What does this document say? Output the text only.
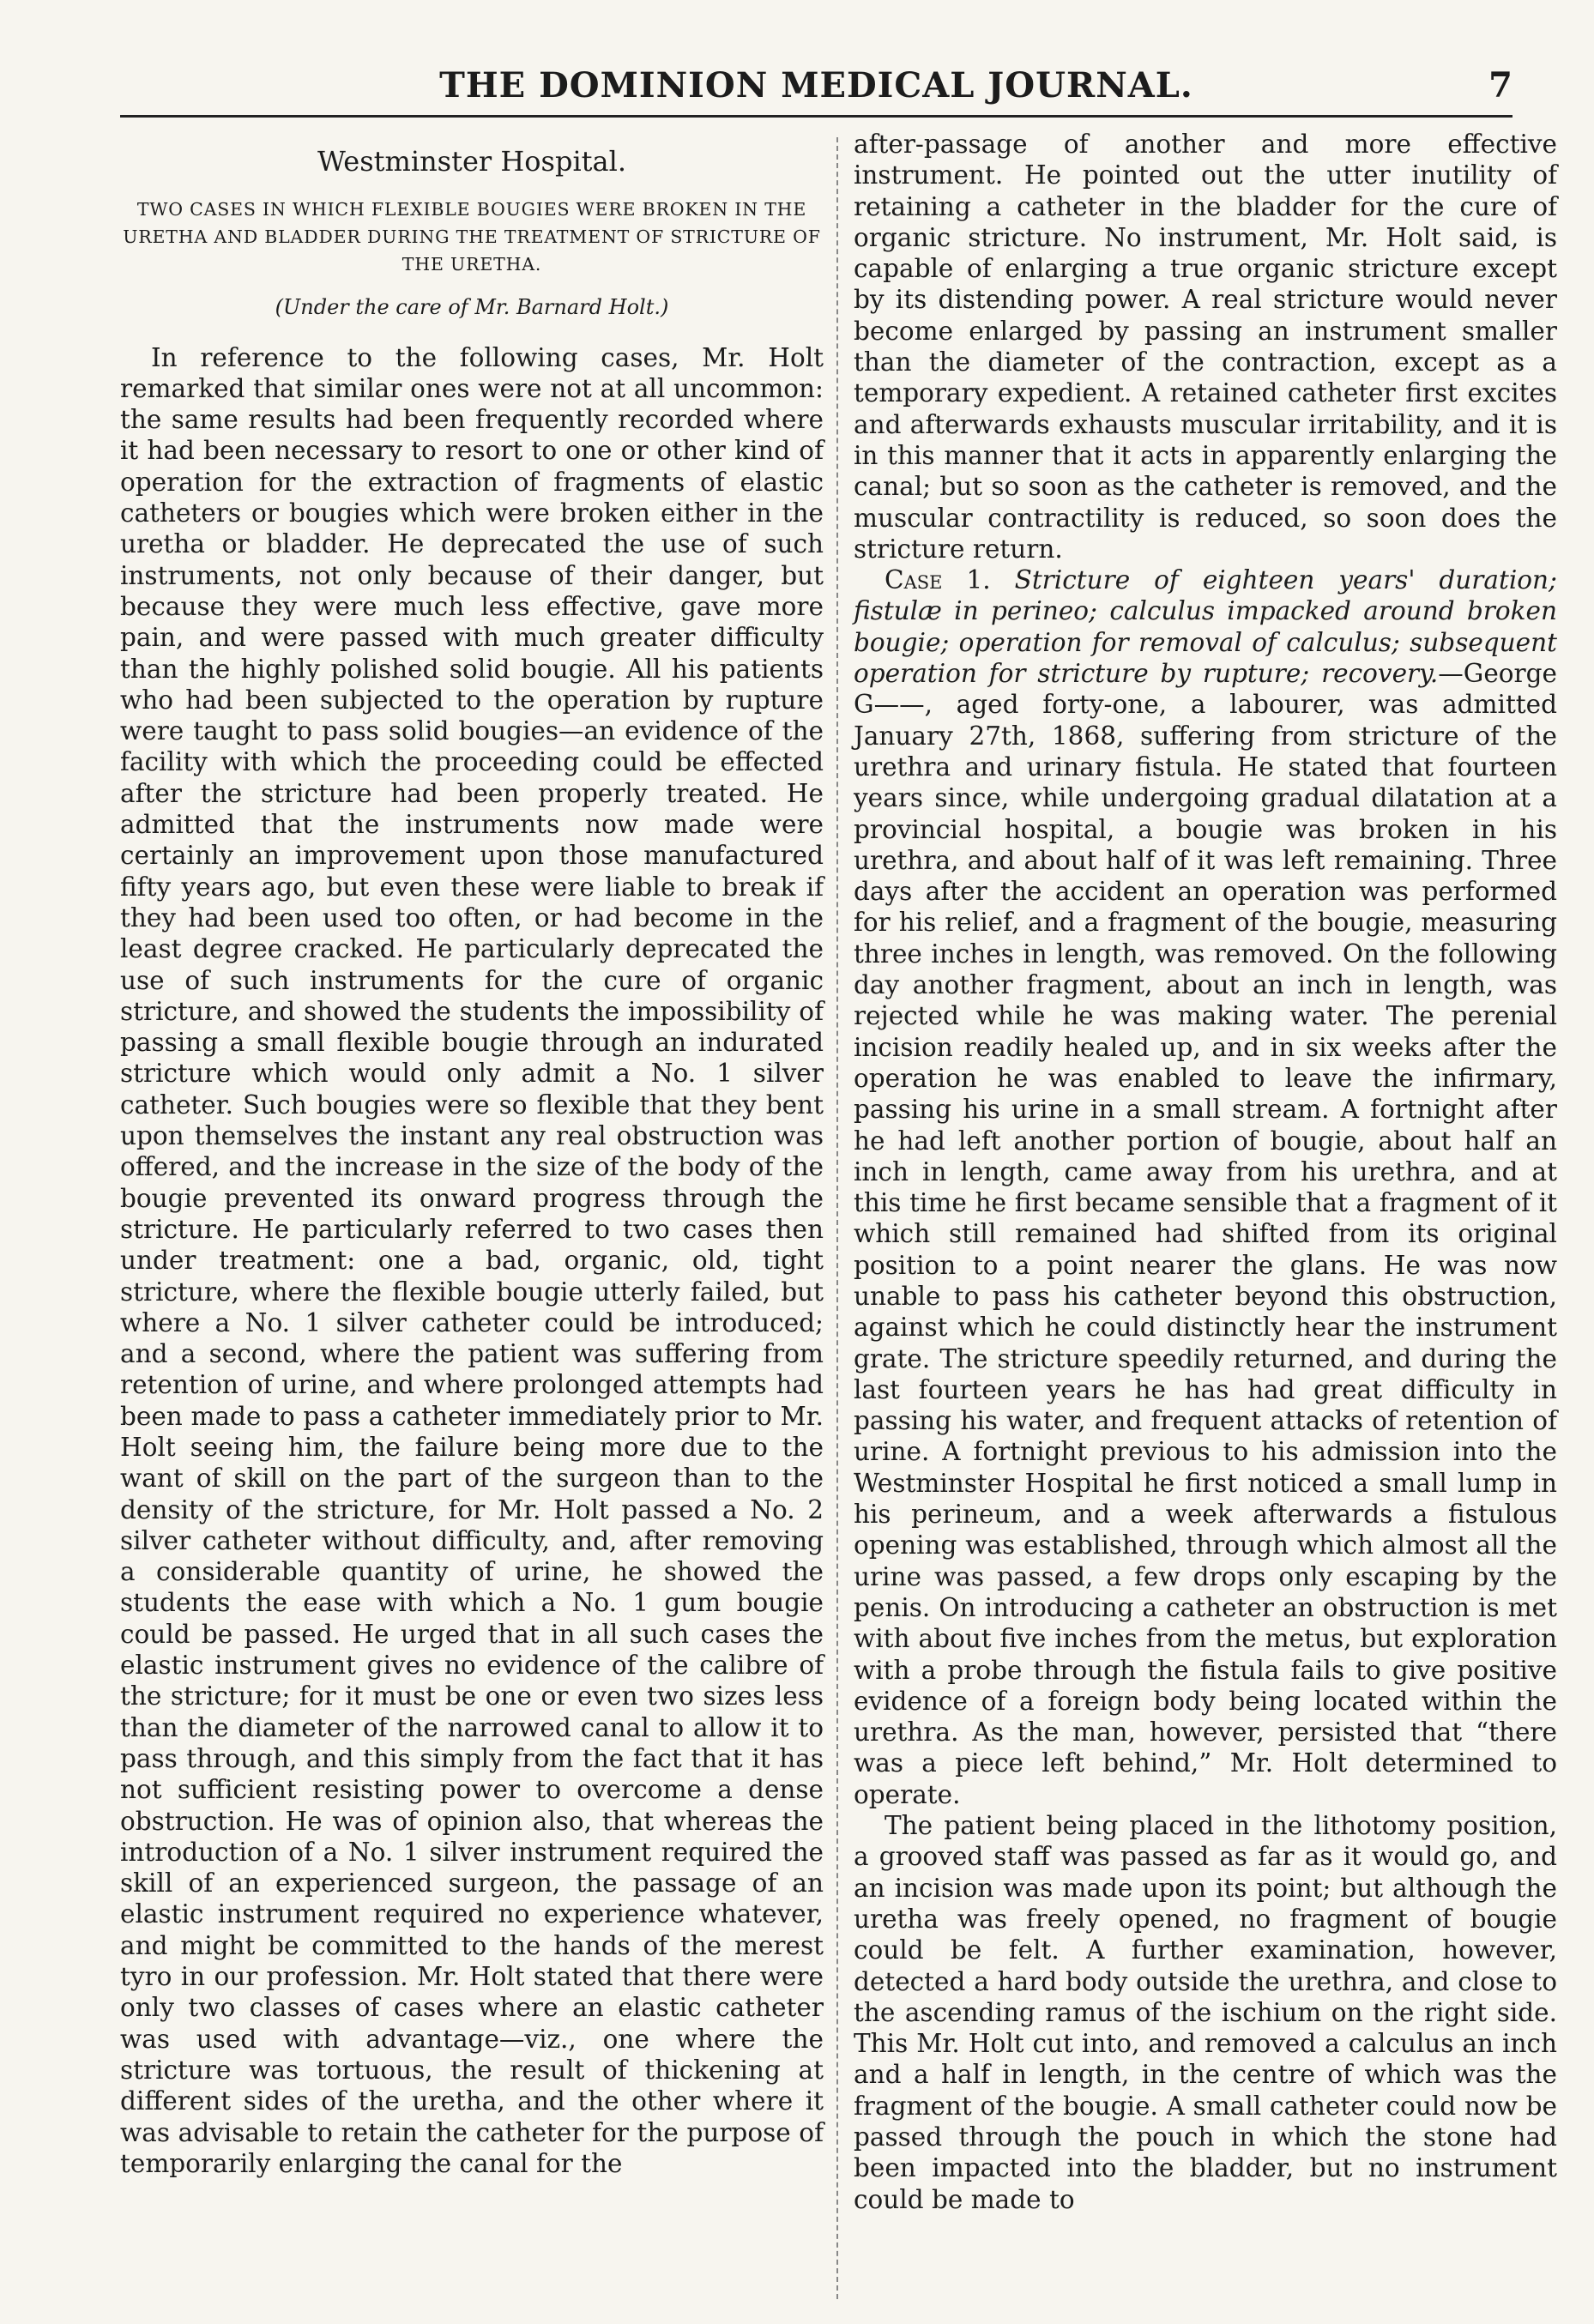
THE DOMINION MEDICAL JOURNAL.	7
Westminster Hospital.
TWO CASES IN WHICH FLEXIBLE BOUGIES WERE BROKEN IN THE URETHA AND BLADDER DURING THE TREATMENT OF STRICTURE OF THE URETHA.
(Under the care of Mr. Barnard Holt.)

In reference to the following cases, Mr. Holt remarked that similar ones were not at all uncommon: the same results had been frequently recorded where it had been necessary to resort to one or other kind of operation for the extraction of fragments of elastic catheters or bougies which were broken either in the uretha or bladder. He deprecated the use of such instruments, not only because of their danger, but because they were much less effective, gave more pain, and were passed with much greater difficulty than the highly polished solid bougie. All his patients who had been subjected to the operation by rupture were taught to pass solid bougies—an evidence of the facility with which the proceeding could be effected after the stricture had been properly treated. He admitted that the instruments now made were certainly an improvement upon those manufactured fifty years ago, but even these were liable to break if they had been used too often, or had become in the least degree cracked. He particularly deprecated the use of such instruments for the cure of organic stricture, and showed the students the impossibility of passing a small flexible bougie through an indurated stricture which would only admit a No. 1 silver catheter. Such bougies were so flexible that they bent upon themselves the instant any real obstruction was offered, and the increase in the size of the body of the bougie prevented its onward progress through the stricture. He particularly referred to two cases then under treatment: one a bad, organic, old, tight stricture, where the flexible bougie utterly failed, but where a No. 1 silver catheter could be introduced; and a second, where the patient was suffering from retention of urine, and where prolonged attempts had been made to pass a catheter immediately prior to Mr. Holt seeing him, the failure being more due to the want of skill on the part of the surgeon than to the density of the stricture, for Mr. Holt passed a No. 2 silver catheter without difficulty, and, after removing a considerable quantity of urine, he showed the students the ease with which a No. 1 gum bougie could be passed. He urged that in all such cases the elastic instrument gives no evidence of the calibre of the stricture; for it must be one or even two sizes less than the diameter of the narrowed canal to allow it to pass through, and this simply from the fact that it has not sufficient resisting power to overcome a dense obstruction. He was of opinion also, that whereas the introduction of a No. 1 silver instrument required the skill of an experienced surgeon, the passage of an elastic instrument required no experience whatever, and might be committed to the hands of the merest tyro in our profession. Mr. Holt stated that there were only two classes of cases where an elastic catheter was used with advantage—viz., one where the stricture was tortuous, the result of thickening at different sides of the uretha, and the other where it was advisable to retain the catheter for the purpose of temporarily enlarging the canal for the

after-passage of another and more effective instrument. He pointed out the utter inutility of retaining a catheter in the bladder for the cure of organic stricture. No instrument, Mr. Holt said, is capable of enlarging a true organic stricture except by its distending power. A real stricture would never become enlarged by passing an instrument smaller than the diameter of the contraction, except as a temporary expedient. A retained catheter first excites and afterwards exhausts muscular irritability, and it is in this manner that it acts in apparently enlarging the canal; but so soon as the catheter is removed, and the muscular contractility is reduced, so soon does the stricture return.

Case 1. Stricture of eighteen years' duration; fistulæ in perineo; calculus impacked around broken bougie; operation for removal of calculus; subsequent operation for stricture by rupture; recovery.—George G——, aged forty-one, a labourer, was admitted January 27th, 1868, suffering from stricture of the urethra and urinary fistula. He stated that fourteen years since, while undergoing gradual dilatation at a provincial hospital, a bougie was broken in his urethra, and about half of it was left remaining. Three days after the accident an operation was performed for his relief, and a fragment of the bougie, measuring three inches in length, was removed. On the following day another fragment, about an inch in length, was rejected while he was making water. The perenial incision readily healed up, and in six weeks after the operation he was enabled to leave the infirmary, passing his urine in a small stream. A fortnight after he had left another portion of bougie, about half an inch in length, came away from his urethra, and at this time he first became sensible that a fragment of it which still remained had shifted from its original position to a point nearer the glans. He was now unable to pass his catheter beyond this obstruction, against which he could distinctly hear the instrument grate. The stricture speedily returned, and during the last fourteen years he has had great difficulty in passing his water, and frequent attacks of retention of urine. A fortnight previous to his admission into the Westminster Hospital he first noticed a small lump in his perineum, and a week afterwards a fistulous opening was established, through which almost all the urine was passed, a few drops only escaping by the penis. On introducing a catheter an obstruction is met with about five inches from the metus, but exploration with a probe through the fistula fails to give positive evidence of a foreign body being located within the urethra. As the man, however, persisted that “there was a piece left behind,” Mr. Holt determined to operate.

The patient being placed in the lithotomy position, a grooved staff was passed as far as it would go, and an incision was made upon its point; but although the uretha was freely opened, no fragment of bougie could be felt. A further examination, however, detected a hard body outside the urethra, and close to the ascending ramus of the ischium on the right side. This Mr. Holt cut into, and removed a calculus an inch and a half in length, in the centre of which was the fragment of the bougie. A small catheter could now be passed through the pouch in which the stone had been impacted into the bladder, but no instrument could be made to
